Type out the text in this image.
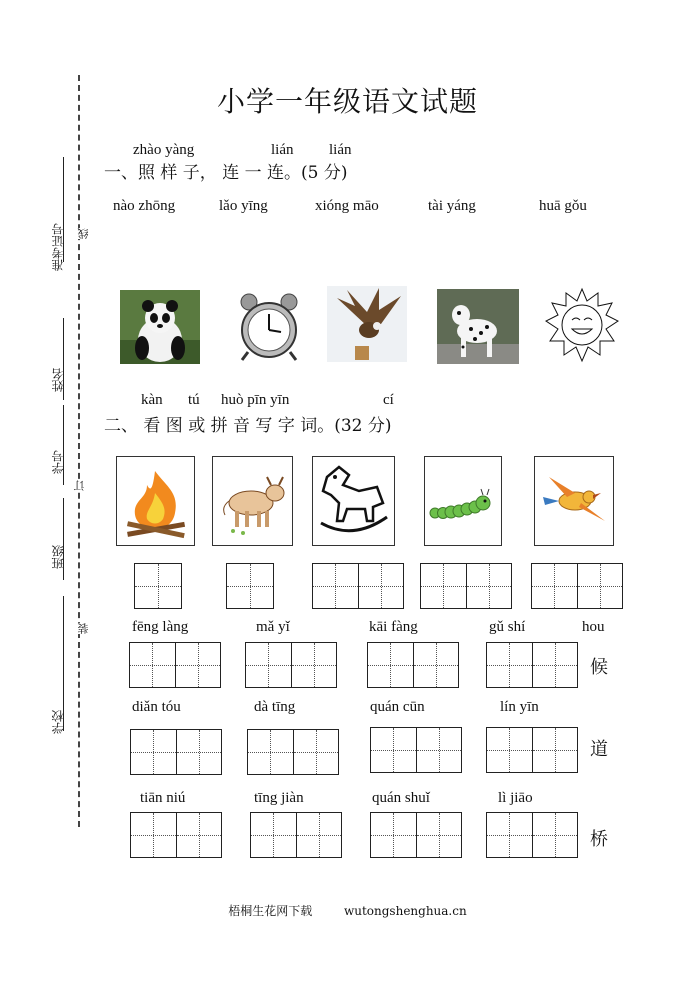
准考证号 线
姓名
学号
订
班级
装
学校
小学一年级语文试题
zhào yàng	lián lián
一、照 样 子， 连 一 连。(5 分)
nào zhōng	lǎo yīng	xióng māo	tài yáng	huā gǒu
kàn tú huò pīn yīn	cí
二、 看 图 或 拼 音 写 字 词。(32 分)
fēng làng	mǎ yǐ	kāi fàng	gǔ shí	hou
候
diǎn tóu	dà tīng	quán cūn	lín yīn
道
tiān niú	tīng jiàn	quán shuǐ	lì jiāo
桥
梧桐生花网下载	wutongshenghua.cn
